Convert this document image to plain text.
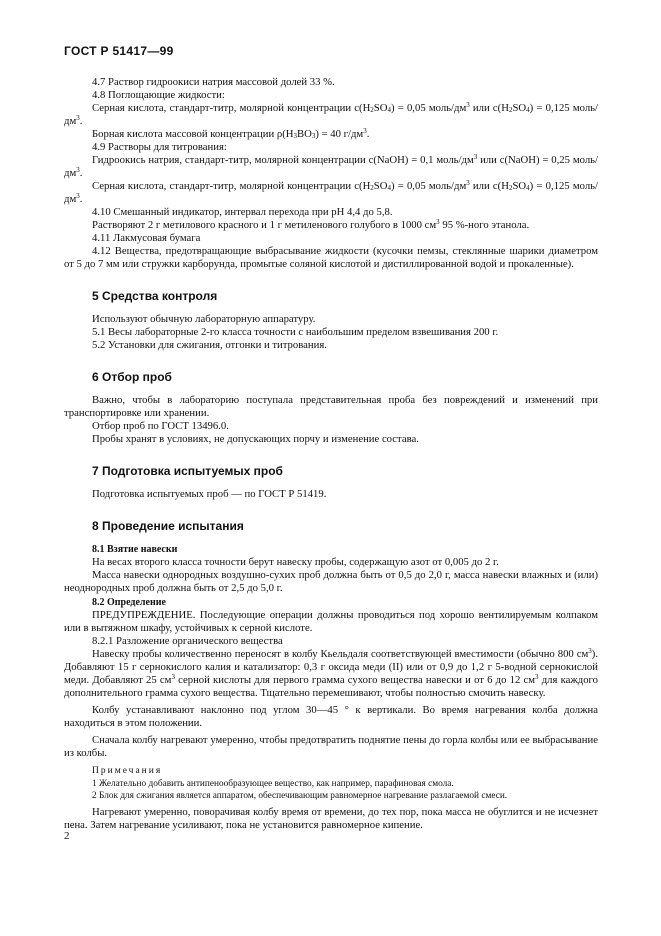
ГОСТ Р 51417—99

4.7 Раствор гидроокиси натрия массовой долей 33 %.

4.8 Поглощающие жидкости:

Серная кислота, стандарт-титр, молярной концентрации $с(H_2SO_4) = 0,05$ моль/$дм^3$ или $с(H_2SO_4) = 0,125$ моль/$дм^3$.

Борная кислота массовой концентрации $\rho(H_3BO_3) = 40$ $г/дм^3$.

4.9 Растворы для титрования:

Гидроокись натрия, стандарт-титр, молярной концентрации с(NaOH) = 0,1 моль/$дм^3$ или с(NaOH) = 0,25 моль/$дм^3$.

Серная кислота, стандарт-титр, молярной концентрации $с(H_2SO_4) = 0,05$ моль/$дм^3$ или $с(H_2SO_4) = 0,125$ моль/$дм^3$.

4.10 Смешанный индикатор, интервал перехода при pH 4,4 до 5,8.

Растворяют 2 г метилового красного и 1 г метиленового голубого в 1000 $см^3$ 95 %-ного этанола.

4.11 Лакмусовая бумага

4.12 Вещества, предотвращающие выбрасывание жидкости (кусочки пемзы, стеклянные шарики диаметром от 5 до 7 мм или стружки карборунда, промытые соляной кислотой и дистиллированной водой и прокаленные).

5 Средства контроля

Используют обычную лабораторную аппаратуру.

5.1 Весы лабораторные 2-го класса точности с наибольшим пределом взвешивания 200 г.

5.2 Установки для сжигания, отгонки и титрования.

6 Отбор проб

Важно, чтобы в лабораторию поступала представительная проба без повреждений и изменений при транспортировке или хранении.

Отбор проб по ГОСТ 13496.0.

Пробы хранят в условиях, не допускающих порчу и изменение состава.

7 Подготовка испытуемых проб

Подготовка испытуемых проб — по ГОСТ Р 51419.

8 Проведение испытания
8.1 Взятие навески

На весах второго класса точности берут навеску пробы, содержащую азот от 0,005 до 2 г.

Масса навески однородных воздушно-сухих проб должна быть от 0,5 до 2,0 г, масса навески влажных и (или) неоднородных проб должна быть от 2,5 до 5,0 г.

8.2 Определение

ПРЕДУПРЕЖДЕНИЕ. Последующие операции должны проводиться под хорошо вентилируемым колпаком или в вытяжном шкафу, устойчивых к серной кислоте.

8.2.1 Разложение органического вещества

Навеску пробы количественно переносят в колбу Кьельдаля соответствующей вместимости (обычно 800 $см^3$). Добавляют 15 г сернокислого калия и катализатор: 0,3 г оксида меди (II) или от 0,9 до 1,2 г 5-водной сернокислой меди. Добавляют 25 $см^3$ серной кислоты для первого грамма сухого вещества навески и от 6 до 12 $см^3$ для каждого дополнительного грамма сухого вещества. Тщательно перемешивают, чтобы полностью смочить навеску.

Колбу устанавливают наклонно под углом 30—45 ° к вертикали. Во время нагревания колба должна находиться в этом положении.

Сначала колбу нагревают умеренно, чтобы предотвратить поднятие пены до горла колбы или ее выбрасывание из колбы.

Примечания

1 Желательно добавить антипенообразующее вещество, как например, парафиновая смола.

2 Блок для сжигания является аппаратом, обеспечивающим равномерное нагревание разлагаемой смеси.

Нагревают умеренно, поворачивая колбу время от времени, до тех пор, пока масса не обуглится и не исчезнет пена. Затем нагревание усиливают, пока не установится равномерное кипение.

2
